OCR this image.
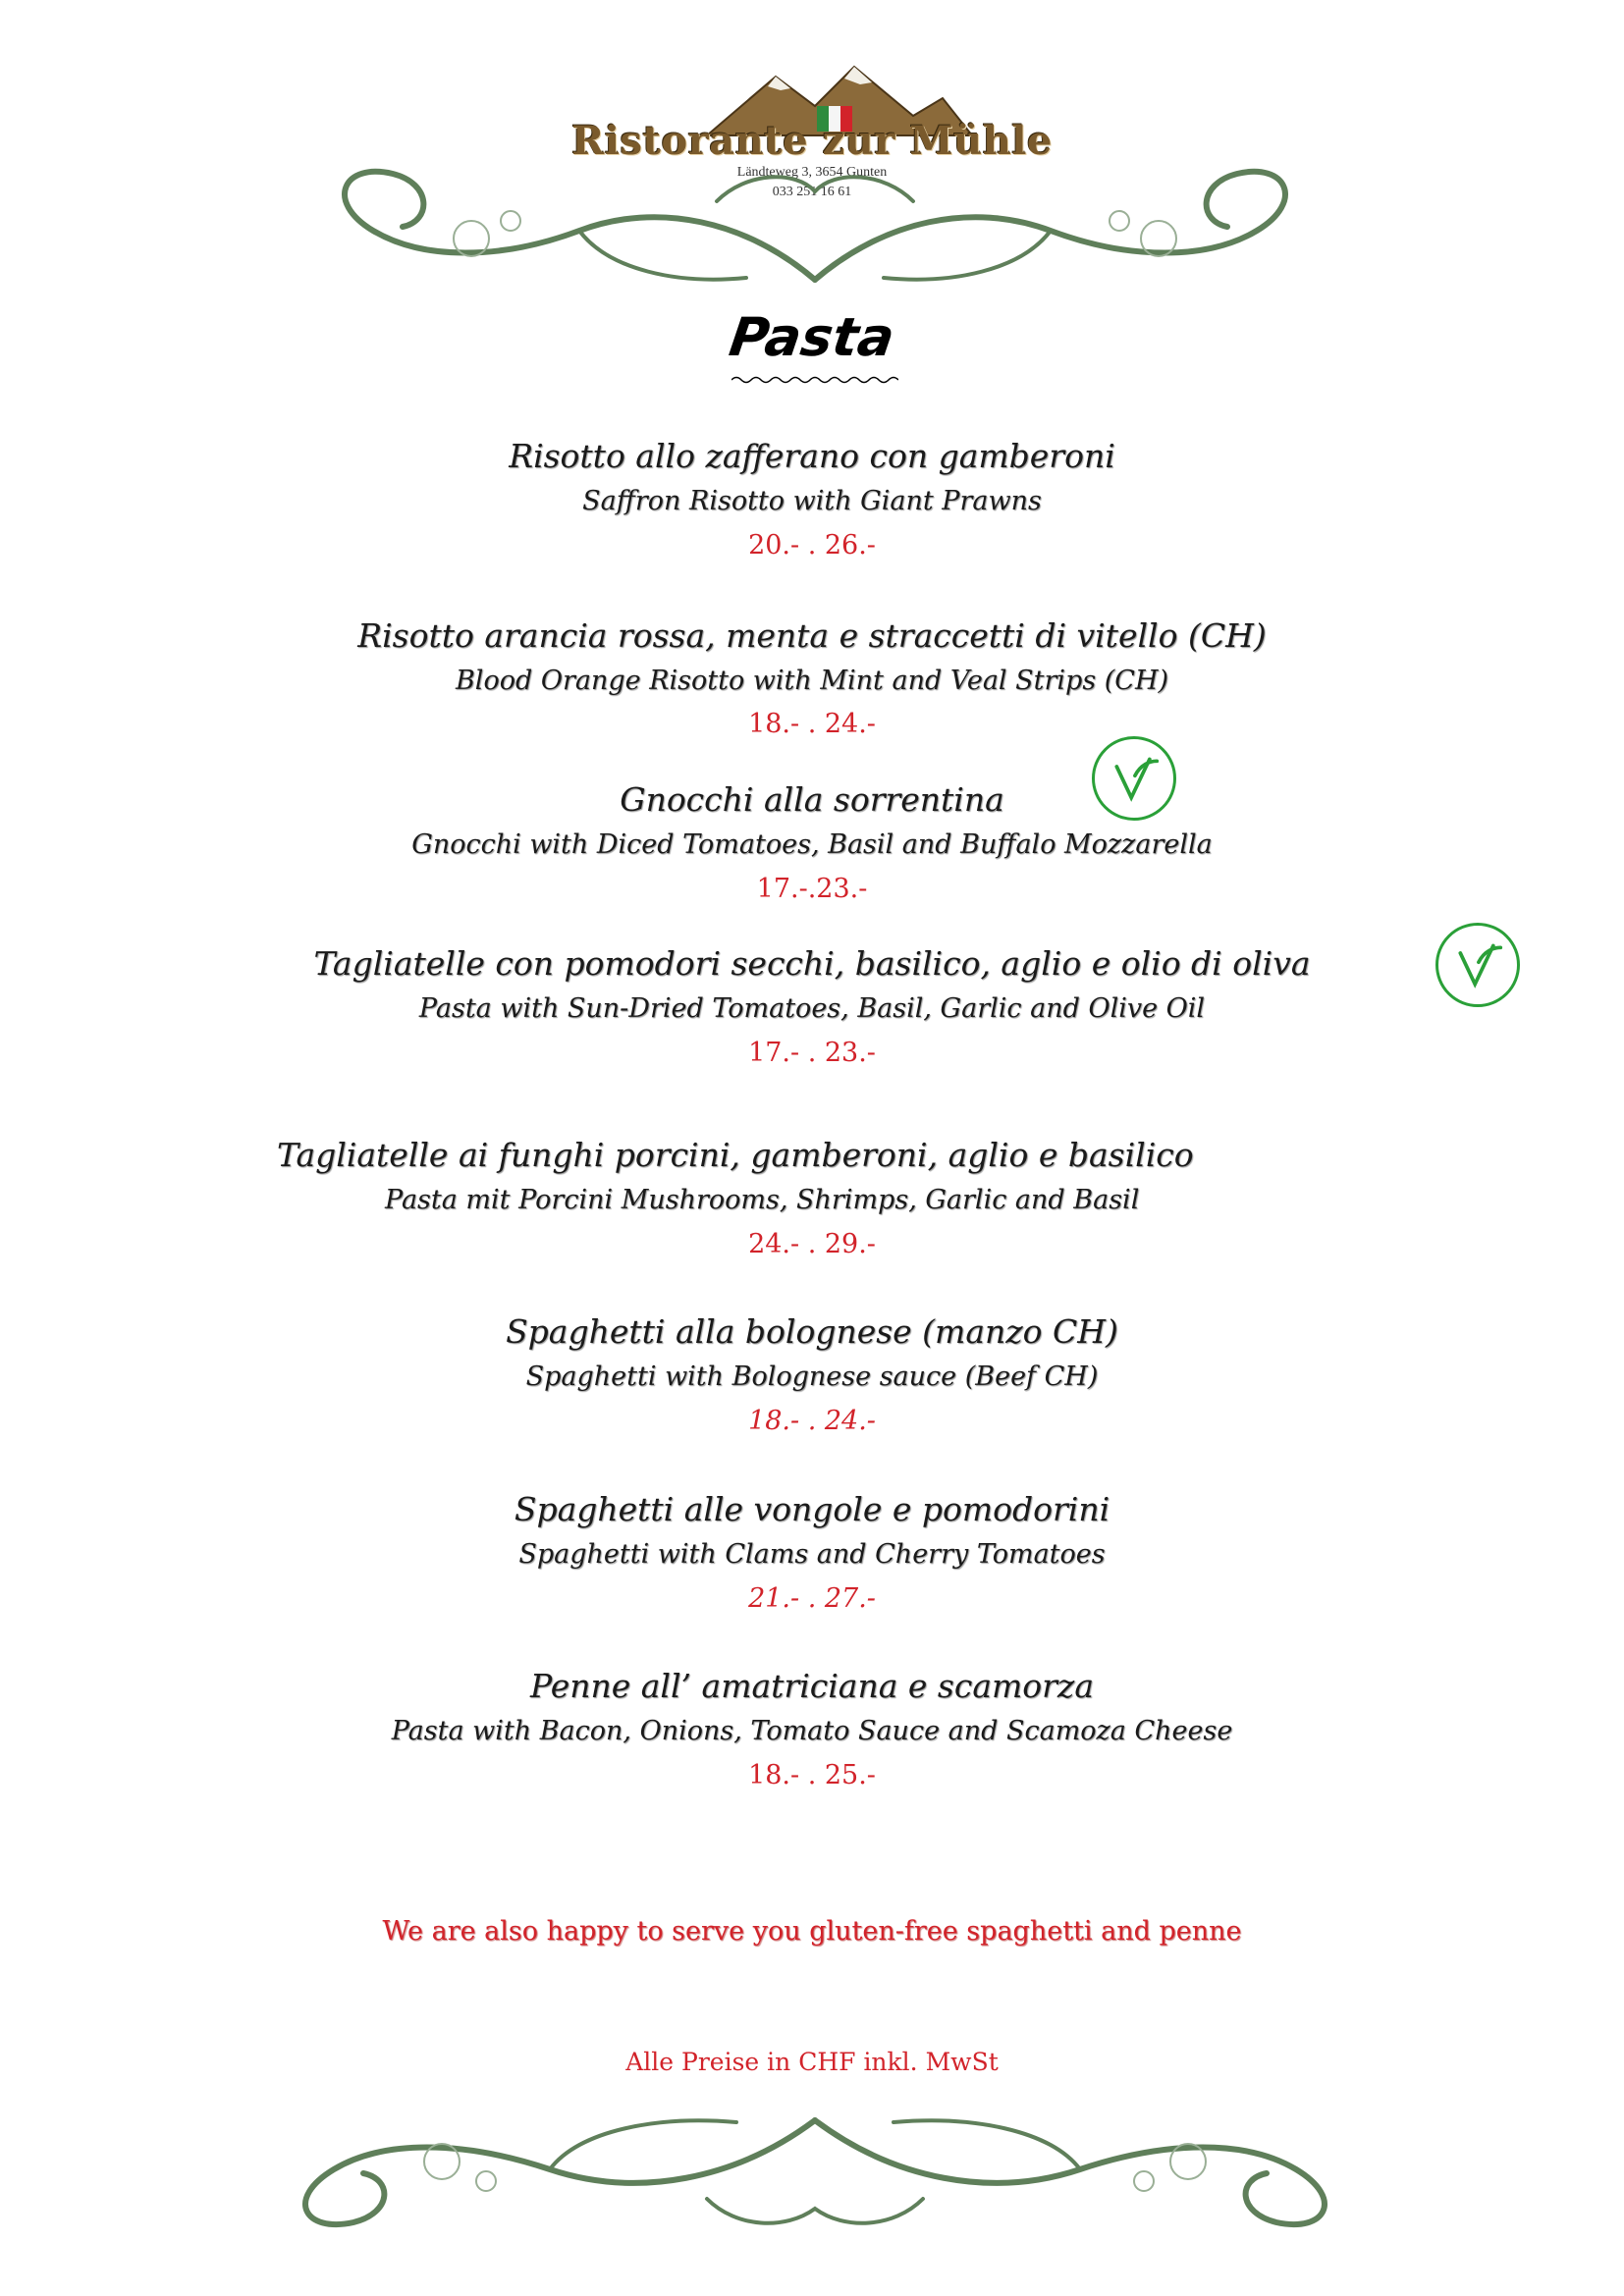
Ristorante zur Mühle
Ländteweg 3, 3654 Gunten
033 251 16 61
Pasta
Risotto allo zafferano con gamberoni
Saffron Risotto with Giant Prawns
20.- . 26.-
Risotto arancia rossa, menta e straccetti di vitello (CH)
Blood Orange Risotto with Mint and Veal Strips (CH)
18.- . 24.-
Gnocchi alla sorrentina
Gnocchi with Diced Tomatoes, Basil and Buffalo Mozzarella
17.-.23.-
Tagliatelle con pomodori secchi, basilico, aglio e olio di oliva
Pasta with Sun-Dried Tomatoes, Basil, Garlic and Olive Oil
17.- . 23.-
Tagliatelle ai funghi porcini, gamberoni, aglio e basilico
Pasta mit Porcini Mushrooms, Shrimps, Garlic and Basil
24.- . 29.-
Spaghetti alla bolognese (manzo CH)
Spaghetti with Bolognese sauce (Beef CH)
18.- . 24.-
Spaghetti alle vongole e pomodorini
Spaghetti with Clams and Cherry Tomatoes
21.- . 27.-
Penne all’ amatriciana e scamorza
Pasta with Bacon, Onions, Tomato Sauce and Scamoza Cheese
18.- . 25.-
We are also happy to serve you gluten-free spaghetti and penne
Alle Preise in CHF inkl. MwSt
